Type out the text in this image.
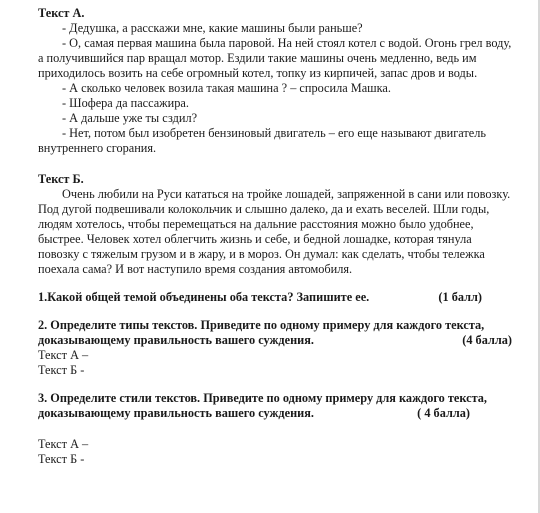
Текст А.

- Дедушка, а расскажи мне, какие машины были раньше?

- О, самая первая машина была паровой. На ней стоял котел с водой. Огонь грел воду, а получившийся пар вращал мотор. Ездили такие машины очень медленно, ведь им приходилось возить на себе огромный котел, топку из кирпичей, запас дров и воды.

- А сколько человек возила такая машина ? – спросила Машка.

- Шофера да пассажира.

- А дальше уже ты сздил?

- Нет, потом был изобретен бензиновый двигатель – его еще называют двигатель внутреннего сгорания.

Текст Б.

Очень любили на Руси кататься на тройке лошадей, запряженной в сани или повозку. Под дугой подвешивали колокольчик и слышно далеко, да и ехать веселей. Шли годы, людям хотелось, чтобы перемещаться на дальние расстояния можно было удобнее, быстрее. Человек хотел облегчить жизнь и себе, и бедной лошадке, которая тянула повозку с тяжелым грузом и в жару, и в мороз. Он думал: как сделать, чтобы тележка поехала сама? И вот наступило время создания автомобиля.

1.Какой общей темой объединены оба текста? Запишите ее.	(1 балл)

2. Определите типы текстов. Приведите по одному примеру для каждого текста,

доказывающему правильность вашего суждения.	(4 балла)

Текст А –

Текст Б -

3. Определите стили текстов. Приведите по одному примеру для каждого текста,

доказывающему правильность вашего суждения.	( 4 балла)

Текст А –

Текст Б -
